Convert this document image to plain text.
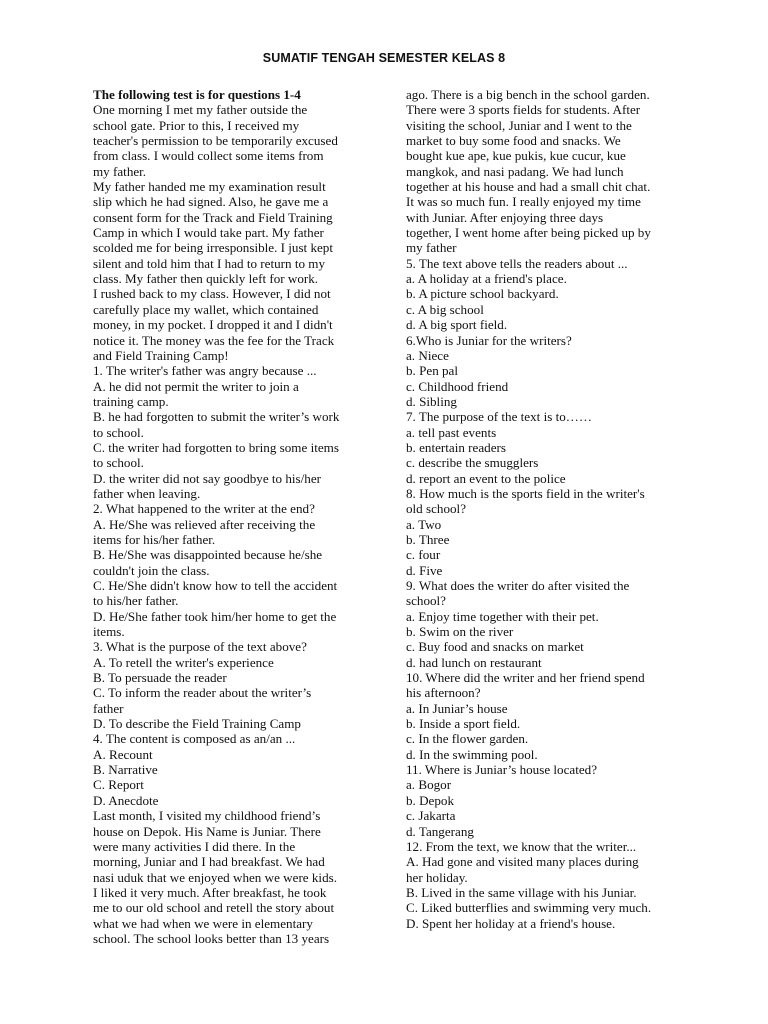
SUMATIF TENGAH SEMESTER KELAS 8
The following test is for questions 1-4
One morning I met my father outside the
school gate. Prior to this, I received my
teacher's permission to be temporarily excused
from class. I would collect some items from
my father.
My father handed me my examination result
slip which he had signed. Also, he gave me a
consent form for the Track and Field Training
Camp in which I would take part. My father
scolded me for being irresponsible. I just kept
silent and told him that I had to return to my
class. My father then quickly left for work.
I rushed back to my class. However, I did not
carefully place my wallet, which contained
money, in my pocket. I dropped it and I didn't
notice it. The money was the fee for the Track
and Field Training Camp!
1. The writer's father was angry because ...
A. he did not permit the writer to join a
training camp.
B. he had forgotten to submit the writer’s work
to school.
C. the writer had forgotten to bring some items
to school.
D. the writer did not say goodbye to his/her
father when leaving.
2. What happened to the writer at the end?
A. He/She was relieved after receiving the
items for his/her father.
B. He/She was disappointed because he/she
couldn't join the class.
C. He/She didn't know how to tell the accident
to his/her father.
D. He/She father took him/her home to get the
items.
3. What is the purpose of the text above?
A. To retell the writer's experience
B. To persuade the reader
C. To inform the reader about the writer’s
father
D. To describe the Field Training Camp
4. The content is composed as an/an ...
A. Recount
B. Narrative
C. Report
D. Anecdote
Last month, I visited my childhood friend’s
house on Depok. His Name is Juniar. There
were many activities I did there. In the
morning, Juniar and I had breakfast. We had
nasi uduk that we enjoyed when we were kids.
I liked it very much. After breakfast, he took
me to our old school and retell the story about
what we had when we were in elementary
school. The school looks better than 13 years
ago. There is a big bench in the school garden.
There were 3 sports fields for students. After
visiting the school, Juniar and I went to the
market to buy some food and snacks. We
bought kue ape, kue pukis, kue cucur, kue
mangkok, and nasi padang. We had lunch
together at his house and had a small chit chat.
It was so much fun. I really enjoyed my time
with Juniar. After enjoying three days
together, I went home after being picked up by
my father
5. The text above tells the readers about ...
a. A holiday at a friend's place.
b. A picture school backyard.
c. A big school
d. A big sport field.
6.Who is Juniar for the writers?
a. Niece
b. Pen pal
c. Childhood friend
d. Sibling
7. The purpose of the text is to……
a. tell past events
b. entertain readers
c. describe the smugglers
d. report an event to the police
8. How much is the sports field in the writer's
old school?
a. Two
b. Three
c. four
d. Five
9. What does the writer do after visited the
school?
a. Enjoy time together with their pet.
b. Swim on the river
c. Buy food and snacks on market
d. had lunch on restaurant
10. Where did the writer and her friend spend
his afternoon?
a. In Juniar’s house
b. Inside a sport field.
c. In the flower garden.
d. In the swimming pool.
11. Where is Juniar’s house located?
a. Bogor
b. Depok
c. Jakarta
d. Tangerang
12. From the text, we know that the writer...
A. Had gone and visited many places during
her holiday.
B. Lived in the same village with his Juniar.
C. Liked butterflies and swimming very much.
D. Spent her holiday at a friend's house.
